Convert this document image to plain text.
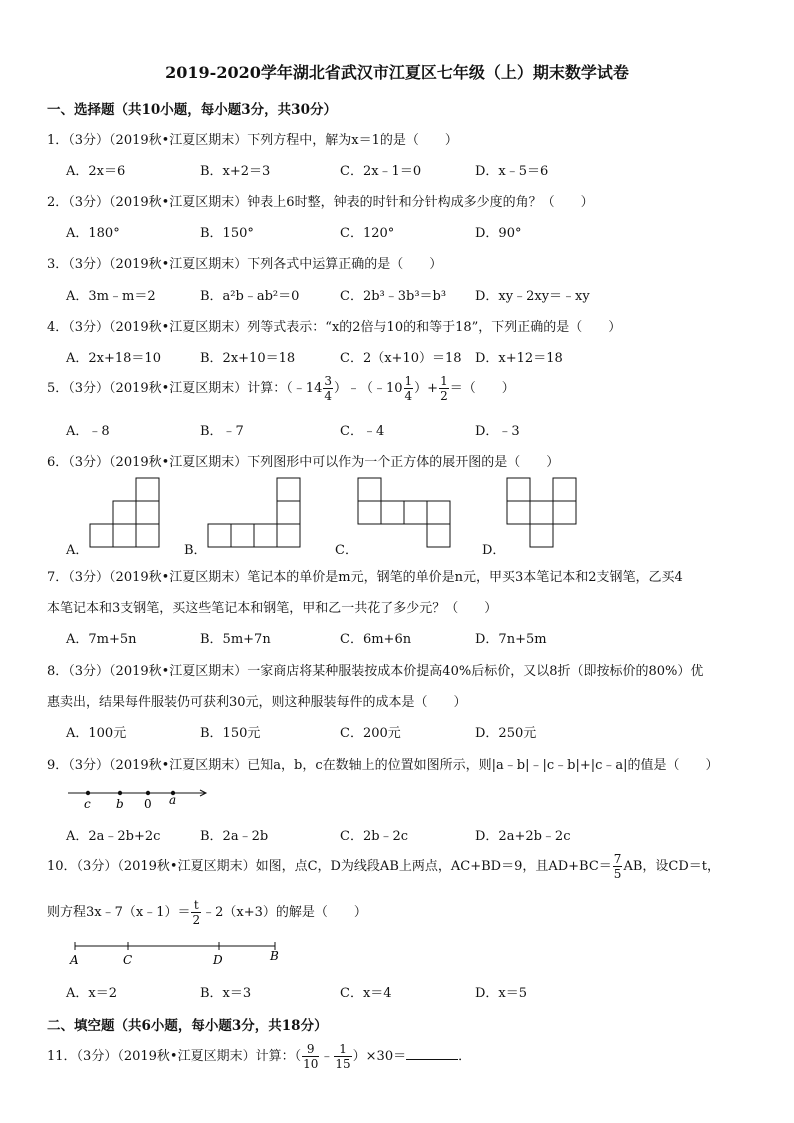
2019-2020学年湖北省武汉市江夏区七年级（上）期末数学试卷
一、选择题（共10小题，每小题3分，共30分）
1．（3分）（2019秋•江夏区期末）下列方程中，解为x＝1的是（　　）
A．2x＝6	B．x+2＝3	C．2x﹣1＝0	D．x﹣5＝6
2．（3分）（2019秋•江夏区期末）钟表上6时整，钟表的时针和分针构成多少度的角？（　　）
A．180°	B．150°	C．120°	D．90°
3．（3分）（2019秋•江夏区期末）下列各式中运算正确的是（　　）
A．3m﹣m＝2	B．a²b﹣ab²＝0	C．2b³﹣3b³＝b³ D．xy﹣2xy＝﹣xy
4．（3分）（2019秋•江夏区期末）列等式表示：“x的2倍与10的和等于18”，下列正确的是（　　）
A．2x+18＝10	B．2x+10＝18	C．2（x+10）＝18 D．x+12＝18
5．（3分）（2019秋•江夏区期末）计算：（﹣14 $\frac{3}{4}$ ）﹣（﹣10 $\frac{1}{4}$ ）+ $\frac{1}{2}$ ＝（　　）
A．﹣8	B．﹣7	C．﹣4	D．﹣3
6．（3分）（2019秋•江夏区期末）下列图形中可以作为一个正方体的展开图的是（　　）
A．	B．	C．	D．
7．（3分）（2019秋•江夏区期末）笔记本的单价是m元，钢笔的单价是n元，甲买3本笔记本和2支钢笔，乙买4
本笔记本和3支钢笔，买这些笔记本和钢笔，甲和乙一共花了多少元？（　　）
A．7m+5n	B．5m+7n	C．6m+6n	D．7n+5m
8．（3分）（2019秋•江夏区期末）一家商店将某种服装按成本价提高40%后标价，又以8折（即按标价的80%）优
惠卖出，结果每件服装仍可获利30元，则这种服装每件的成本是（　　）
A．100元	B．150元	C．200元	D．250元
9．（3分）（2019秋•江夏区期末）已知a，b，c在数轴上的位置如图所示，则|a﹣b|﹣|c﹣b|+|c﹣a|的值是（　　）
c b 0 a
A．2a﹣2b+2c	B．2a﹣2b	C．2b﹣2c	D．2a+2b﹣2c
10．（3分）（2019秋•江夏区期末）如图，点C，D为线段AB上两点，AC+BD＝9，且$AD+BC= \frac{7}{5}$ AB，设CD＝t，
则方程3x﹣7（x﹣1）＝ $\frac{t}{2}$ ﹣2（x+3）的解是（　　）
A	C	D	B
A．x＝2	B．x＝3	C．x＝4	D．x＝5
二、填空题（共6小题，每小题3分，共18分）
11．（3分）（2019秋•江夏区期末）计算：（ $\frac{9}{10}$ ﹣ $\frac{1}{15} )\times 30=$	．
